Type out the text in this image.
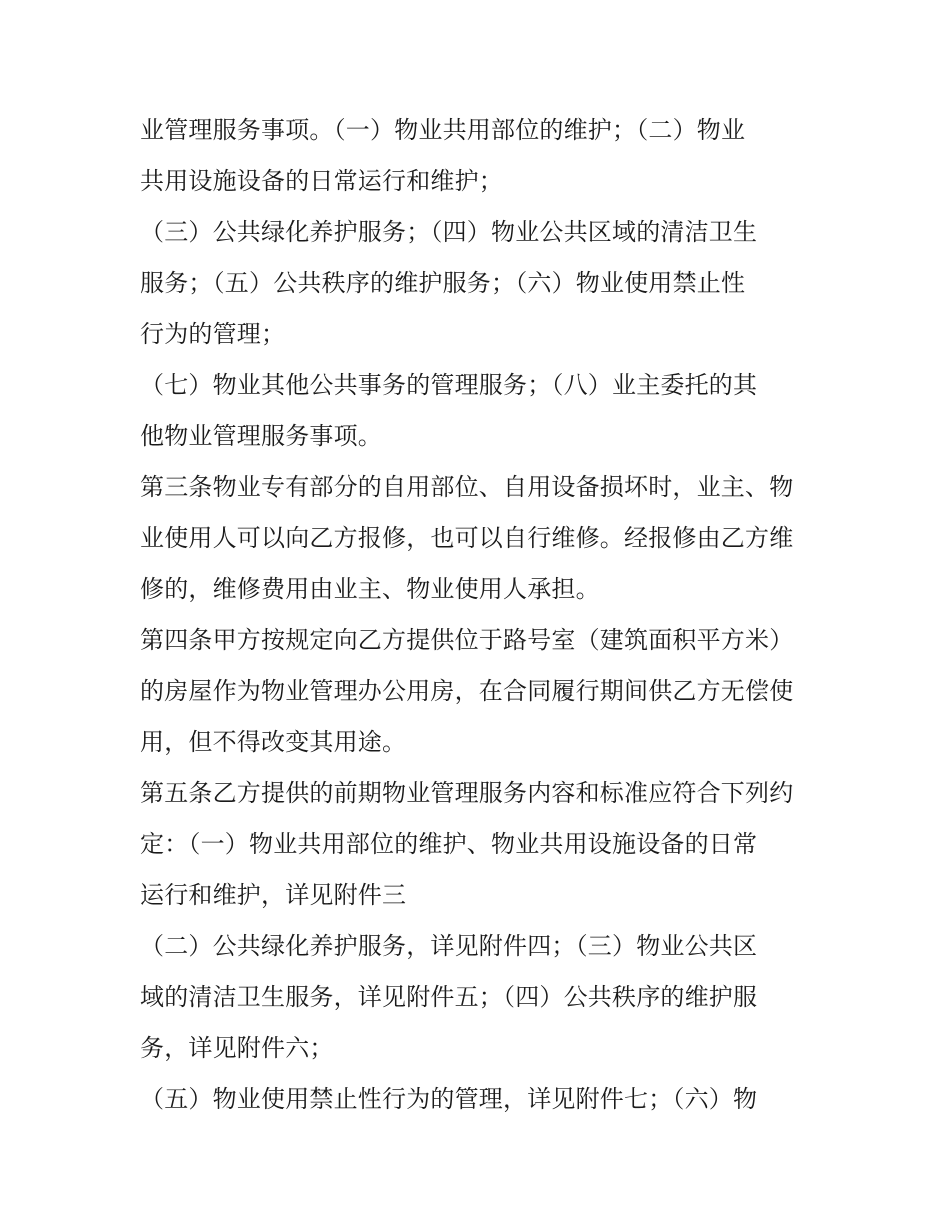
业管理服务事项。（一）物业共用部位的维护；（二）物业
共用设施设备的日常运行和维护；
（三）公共绿化养护服务；（四）物业公共区域的清洁卫生
服务；（五）公共秩序的维护服务；（六）物业使用禁止性
行为的管理；
（七）物业其他公共事务的管理服务；（八）业主委托的其
他物业管理服务事项。
第三条物业专有部分的自用部位、自用设备损坏时，业主、物
业使用人可以向乙方报修，也可以自行维修。经报修由乙方维
修的，维修费用由业主、物业使用人承担。
第四条甲方按规定向乙方提供位于路号室（建筑面积平方米）
的房屋作为物业管理办公用房，在合同履行期间供乙方无偿使
用，但不得改变其用途。
第五条乙方提供的前期物业管理服务内容和标准应符合下列约
定：（一）物业共用部位的维护、物业共用设施设备的日常
运行和维护，详见附件三
（二）公共绿化养护服务，详见附件四；（三）物业公共区
域的清洁卫生服务，详见附件五；（四）公共秩序的维护服
务，详见附件六；
（五）物业使用禁止性行为的管理，详见附件七；（六）物
